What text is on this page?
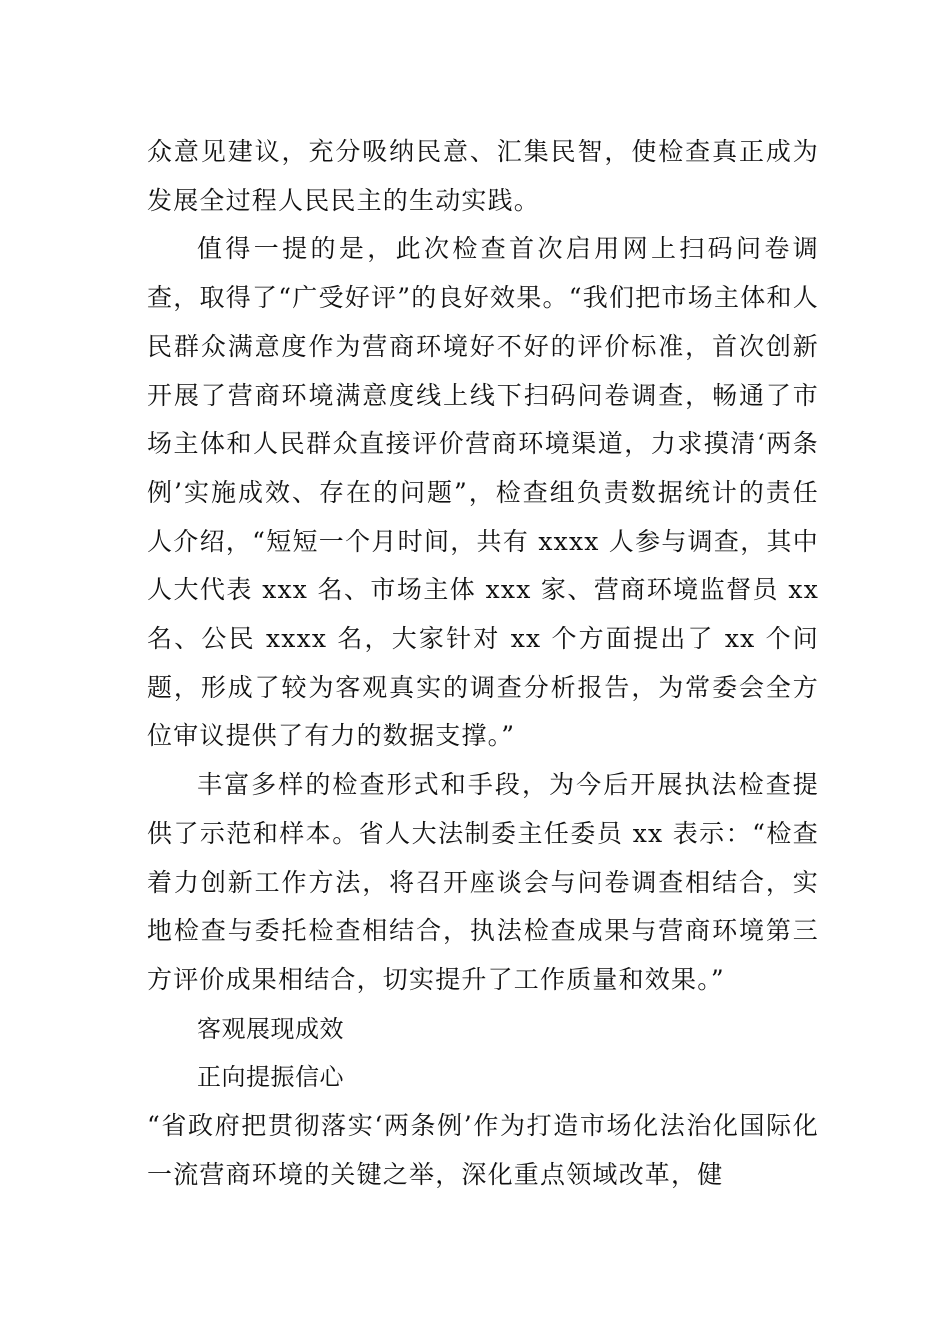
众意见建议，充分吸纳民意、汇集民智，使检查真正成为发展全过程人民民主的生动实践。

值得一提的是，此次检查首次启用网上扫码问卷调查，取得了“广受好评”的良好效果。“我们把市场主体和人民群众满意度作为营商环境好不好的评价标准，首次创新开展了营商环境满意度线上线下扫码问卷调查，畅通了市场主体和人民群众直接评价营商环境渠道，力求摸清‘两条例’实施成效、存在的问题”，检查组负责数据统计的责任人介绍，“短短一个月时间，共有 xxxx 人参与调查，其中人大代表 xxx 名、市场主体 xxx 家、营商环境监督员 xx 名、公民 xxxx 名，大家针对 xx 个方面提出了 xx 个问题，形成了较为客观真实的调查分析报告，为常委会全方位审议提供了有力的数据支撑。”

丰富多样的检查形式和手段，为今后开展执法检查提供了示范和样本。省人大法制委主任委员 xx 表示：“检查着力创新工作方法，将召开座谈会与问卷调查相结合，实地检查与委托检查相结合，执法检查成果与营商环境第三方评价成果相结合，切实提升了工作质量和效果。”

客观展现成效

正向提振信心

“省政府把贯彻落实‘两条例’作为打造市场化法治化国际化一流营商环境的关键之举，深化重点领域改革，健
